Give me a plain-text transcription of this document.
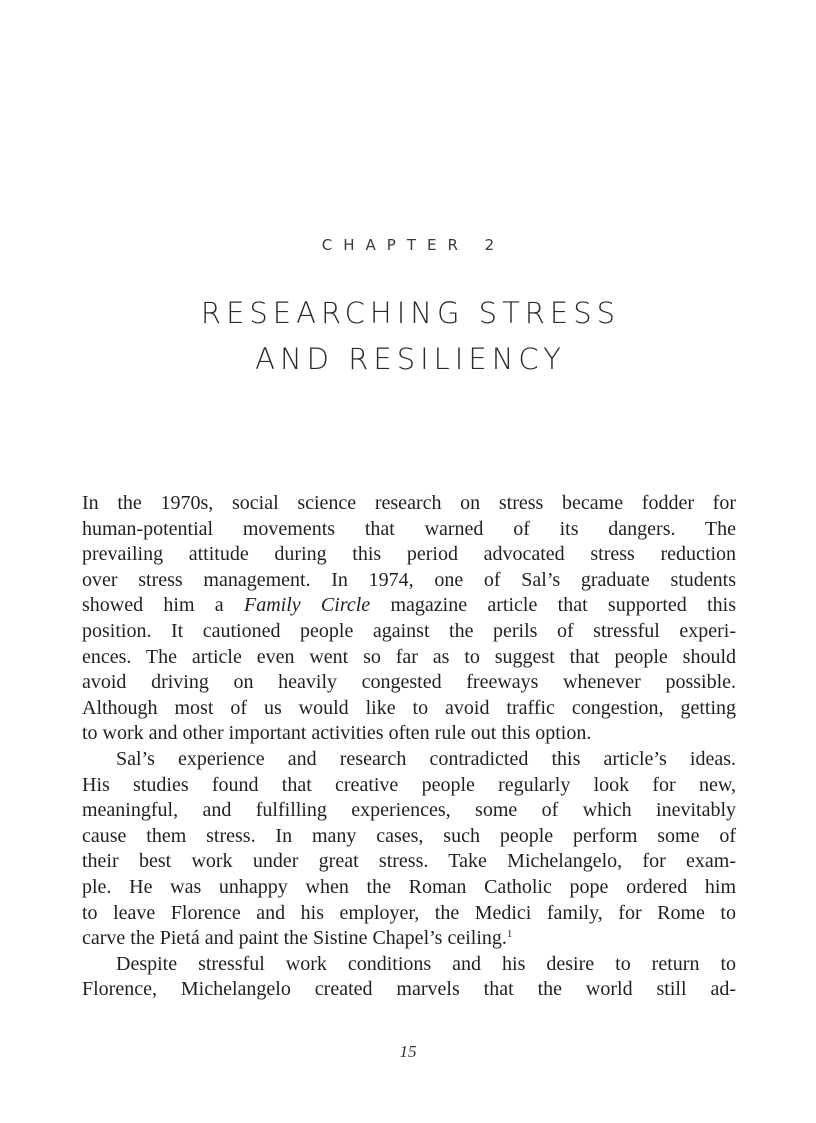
CHAPTER 2
RESEARCHING STRESS
AND RESILIENCY

In the 1970s, social science research on stress became fodder for
human-potential movements that warned of its dangers. The
prevailing attitude during this period advocated stress reduction
over stress management. In 1974, one of Sal’s graduate students
showed him a Family Circle magazine article that supported this
position. It cautioned people against the perils of stressful experi-
ences. The article even went so far as to suggest that people should
avoid driving on heavily congested freeways whenever possible.
Although most of us would like to avoid traffic congestion, getting
to work and other important activities often rule out this option.

Sal’s experience and research contradicted this article’s ideas.
His studies found that creative people regularly look for new,
meaningful, and fulfilling experiences, some of which inevitably
cause them stress. In many cases, such people perform some of
their best work under great stress. Take Michelangelo, for exam-
ple. He was unhappy when the Roman Catholic pope ordered him
to leave Florence and his employer, the Medici family, for Rome to
carve the Pietá and paint the Sistine Chapel’s ceiling.$^1$

Despite stressful work conditions and his desire to return to
Florence, Michelangelo created marvels that the world still ad-

15
